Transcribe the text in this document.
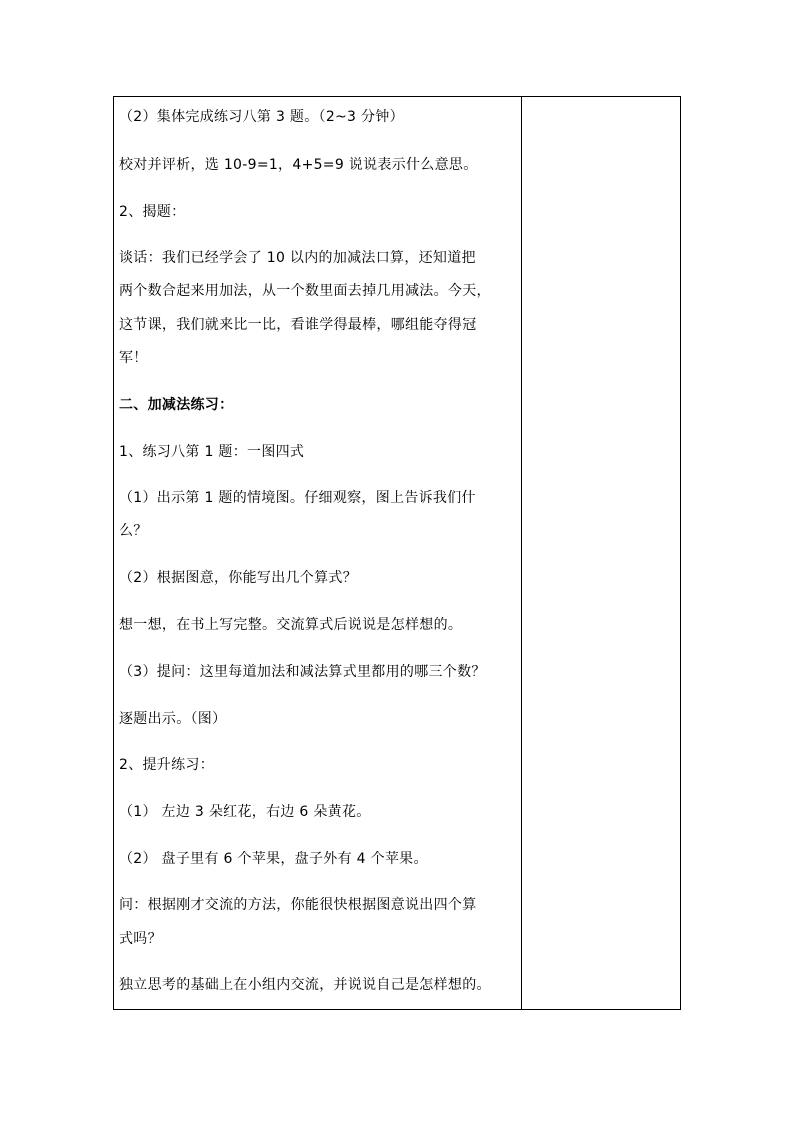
（2）集体完成练习八第 3 题。（2~3 分钟）
校对并评析，选 10-9=1，4+5=9 说说表示什么意思。
2、揭题：
谈话：我们已经学会了 10 以内的加减法口算，还知道把
两个数合起来用加法，从一个数里面去掉几用减法。今天，
这节课，我们就来比一比，看谁学得最棒，哪组能夺得冠
军！
二、加减法练习：
1、练习八第 1 题：一图四式
（1）出示第 1 题的情境图。仔细观察，图上告诉我们什
么？
（2）根据图意，你能写出几个算式？
想一想，在书上写完整。交流算式后说说是怎样想的。
（3）提问：这里每道加法和减法算式里都用的哪三个数？
逐题出示。（图）
2、提升练习：
（1） 左边 3 朵红花，右边 6 朵黄花。
（2） 盘子里有 6 个苹果，盘子外有 4 个苹果。
问：根据刚才交流的方法，你能很快根据图意说出四个算
式吗？
独立思考的基础上在小组内交流，并说说自己是怎样想的。
